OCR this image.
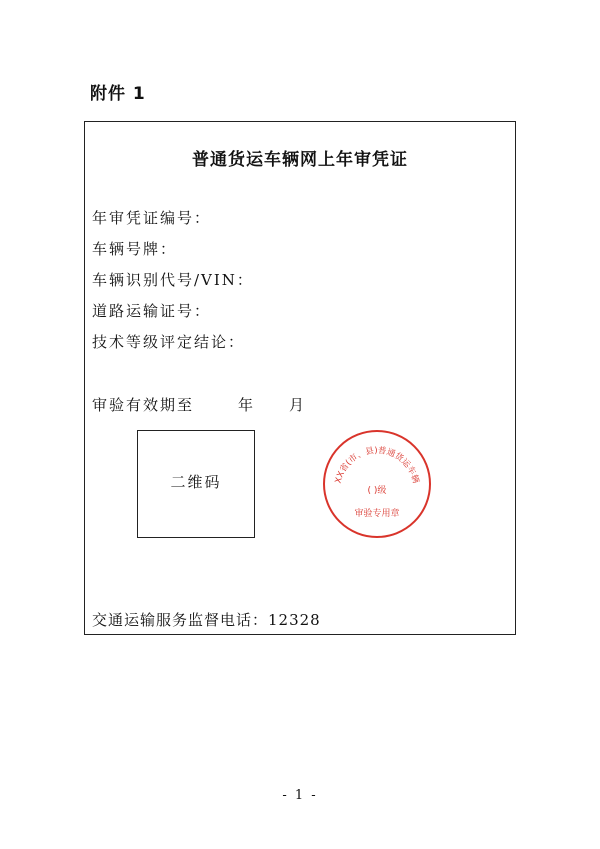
附件 1
普通货运车辆网上年审凭证
年审凭证编号：
车辆号牌：
车辆识别代号/VIN：
道路运输证号：
技术等级评定结论：
审验有效期至	年 月
二维码	XX省(市、县)普通货运车辆
( )级
审验专用章
交通运输服务监督电话：12328
- 1 -
